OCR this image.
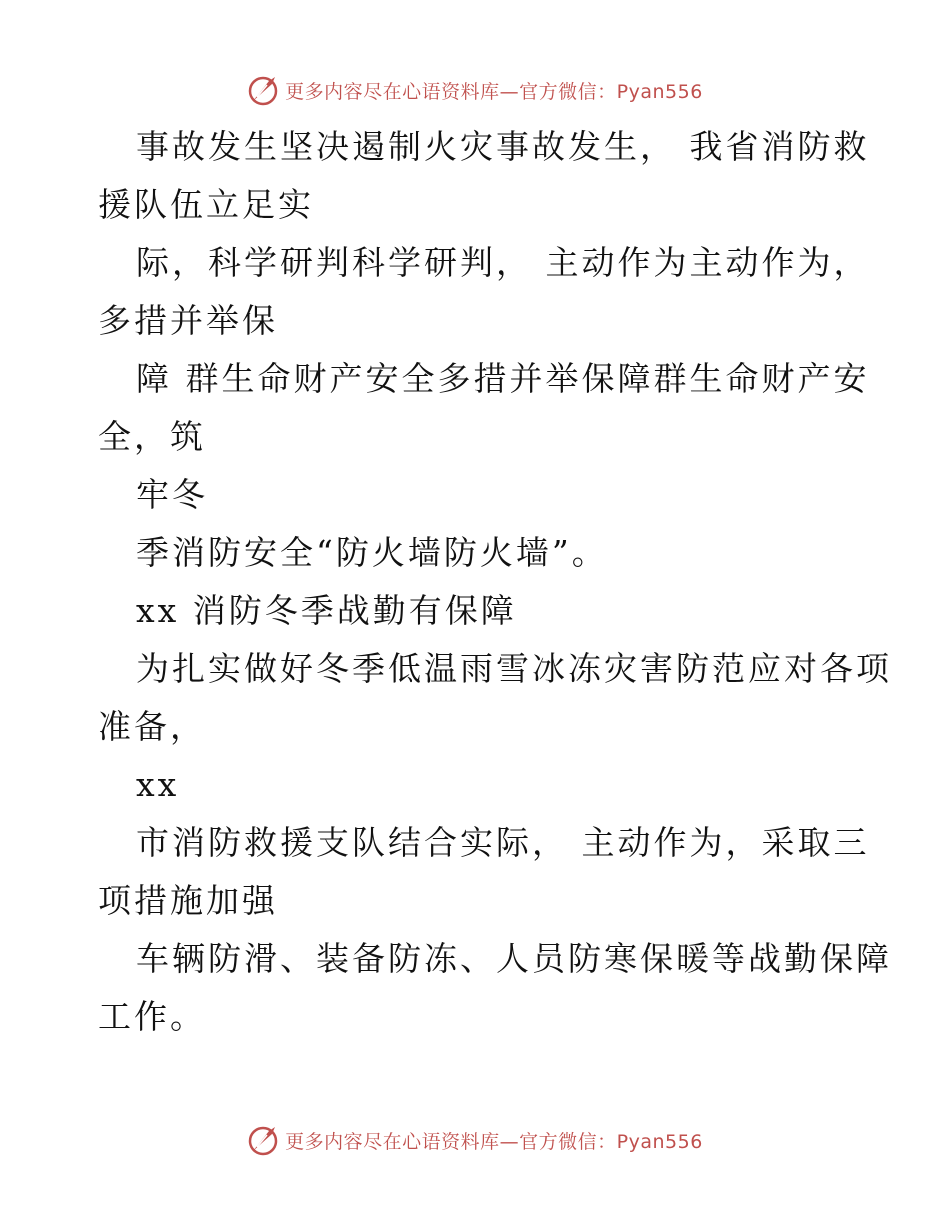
更多内容尽在心语资料库—官方微信：Pyan556
事故发生坚决遏制火灾事故发生， 我省消防救
援队伍立足实
际，科学研判科学研判， 主动作为主动作为，
多措并举保
障 群生命财产安全多措并举保障群生命财产安
全，筑
牢冬
季消防安全“防火墙防火墙”。
xx 消防冬季战勤有保障
为扎实做好冬季低温雨雪冰冻灾害防范应对各项
准备，
xx
市消防救援支队结合实际， 主动作为，采取三
项措施加强
车辆防滑、装备防冻、人员防寒保暖等战勤保障
工作。
更多内容尽在心语资料库—官方微信：Pyan556
